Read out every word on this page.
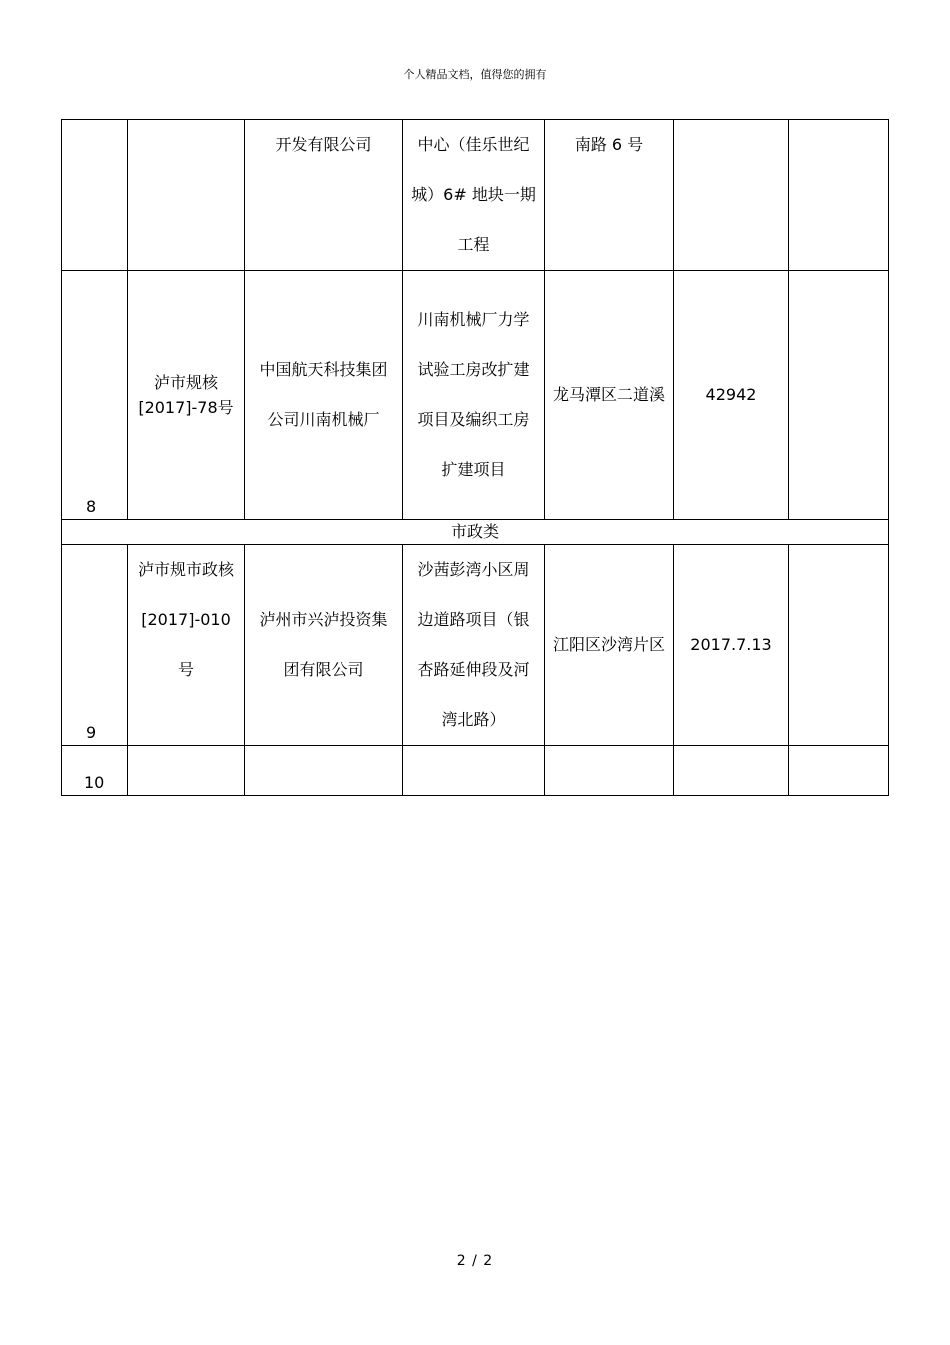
个人精品文档，值得您的拥有

		开发有限公司	中心（佳乐世纪城）6# 地块一期工程	南路 6 号		

8	泸市规核[2017]-78号	中国航天科技集团公司川南机械厂	川南机械厂力学试验工房改扩建项目及编织工房扩建项目	龙马潭区二道溪	42942	

市政类						
9	泸市规市政核[2017]-010号	泸州市兴泸投资集团有限公司	沙茜彭湾小区周边道路项目（银杏路延伸段及河湾北路）	江阳区沙湾片区	2017.7.13	

10						
2 / 2
